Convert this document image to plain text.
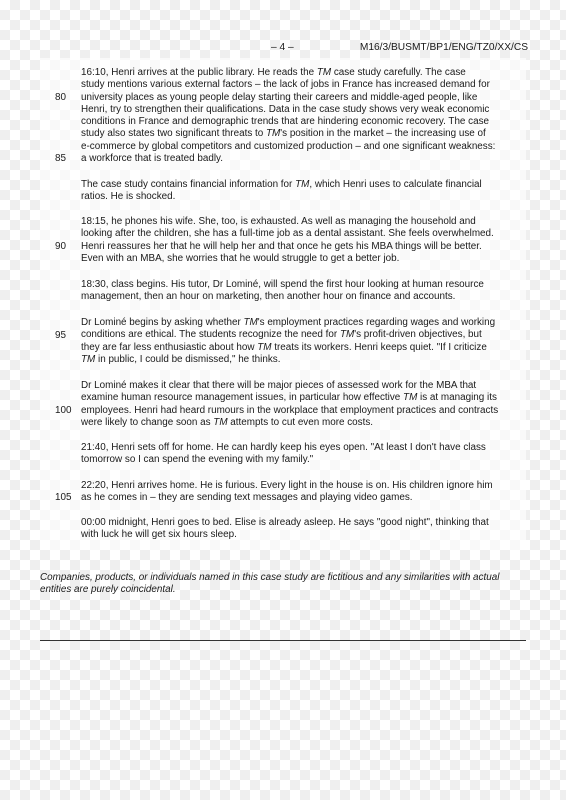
– 4 –	M16/3/BUSMT/BP1/ENG/TZ0/XX/CS
80
85
90
95
100
105
16:10, Henri arrives at the public library. He reads the TM case study carefully. The case
study mentions various external factors – the lack of jobs in France has increased demand for
university places as young people delay starting their careers and middle-aged people, like
Henri, try to strengthen their qualifications. Data in the case study shows very weak economic
conditions in France and demographic trends that are hindering economic recovery. The case
study also states two significant threats to TM's position in the market – the increasing use of
e-commerce by global competitors and customized production – and one significant weakness:
a workforce that is treated badly.
The case study contains financial information for TM, which Henri uses to calculate financial
ratios. He is shocked.
18:15, he phones his wife. She, too, is exhausted. As well as managing the household and
looking after the children, she has a full-time job as a dental assistant. She feels overwhelmed.
Henri reassures her that he will help her and that once he gets his MBA things will be better.
Even with an MBA, she worries that he would struggle to get a better job.
18:30, class begins. His tutor, Dr Lominé, will spend the first hour looking at human resource
management, then an hour on marketing, then another hour on finance and accounts.
Dr Lominé begins by asking whether TM's employment practices regarding wages and working
conditions are ethical. The students recognize the need for TM's profit-driven objectives, but
they are far less enthusiastic about how TM treats its workers. Henri keeps quiet. "If I criticize
TM in public, I could be dismissed," he thinks.
Dr Lominé makes it clear that there will be major pieces of assessed work for the MBA that
examine human resource management issues, in particular how effective TM is at managing its
employees. Henri had heard rumours in the workplace that employment practices and contracts
were likely to change soon as TM attempts to cut even more costs.
21:40, Henri sets off for home. He can hardly keep his eyes open. "At least I don't have class
tomorrow so I can spend the evening with my family."
22:20, Henri arrives home. He is furious. Every light in the house is on. His children ignore him
as he comes in – they are sending text messages and playing video games.
00:00 midnight, Henri goes to bed. Elise is already asleep. He says "good night", thinking that
with luck he will get six hours sleep.
Companies, products, or individuals named in this case study are fictitious and any similarities with actual entities are purely coincidental.
